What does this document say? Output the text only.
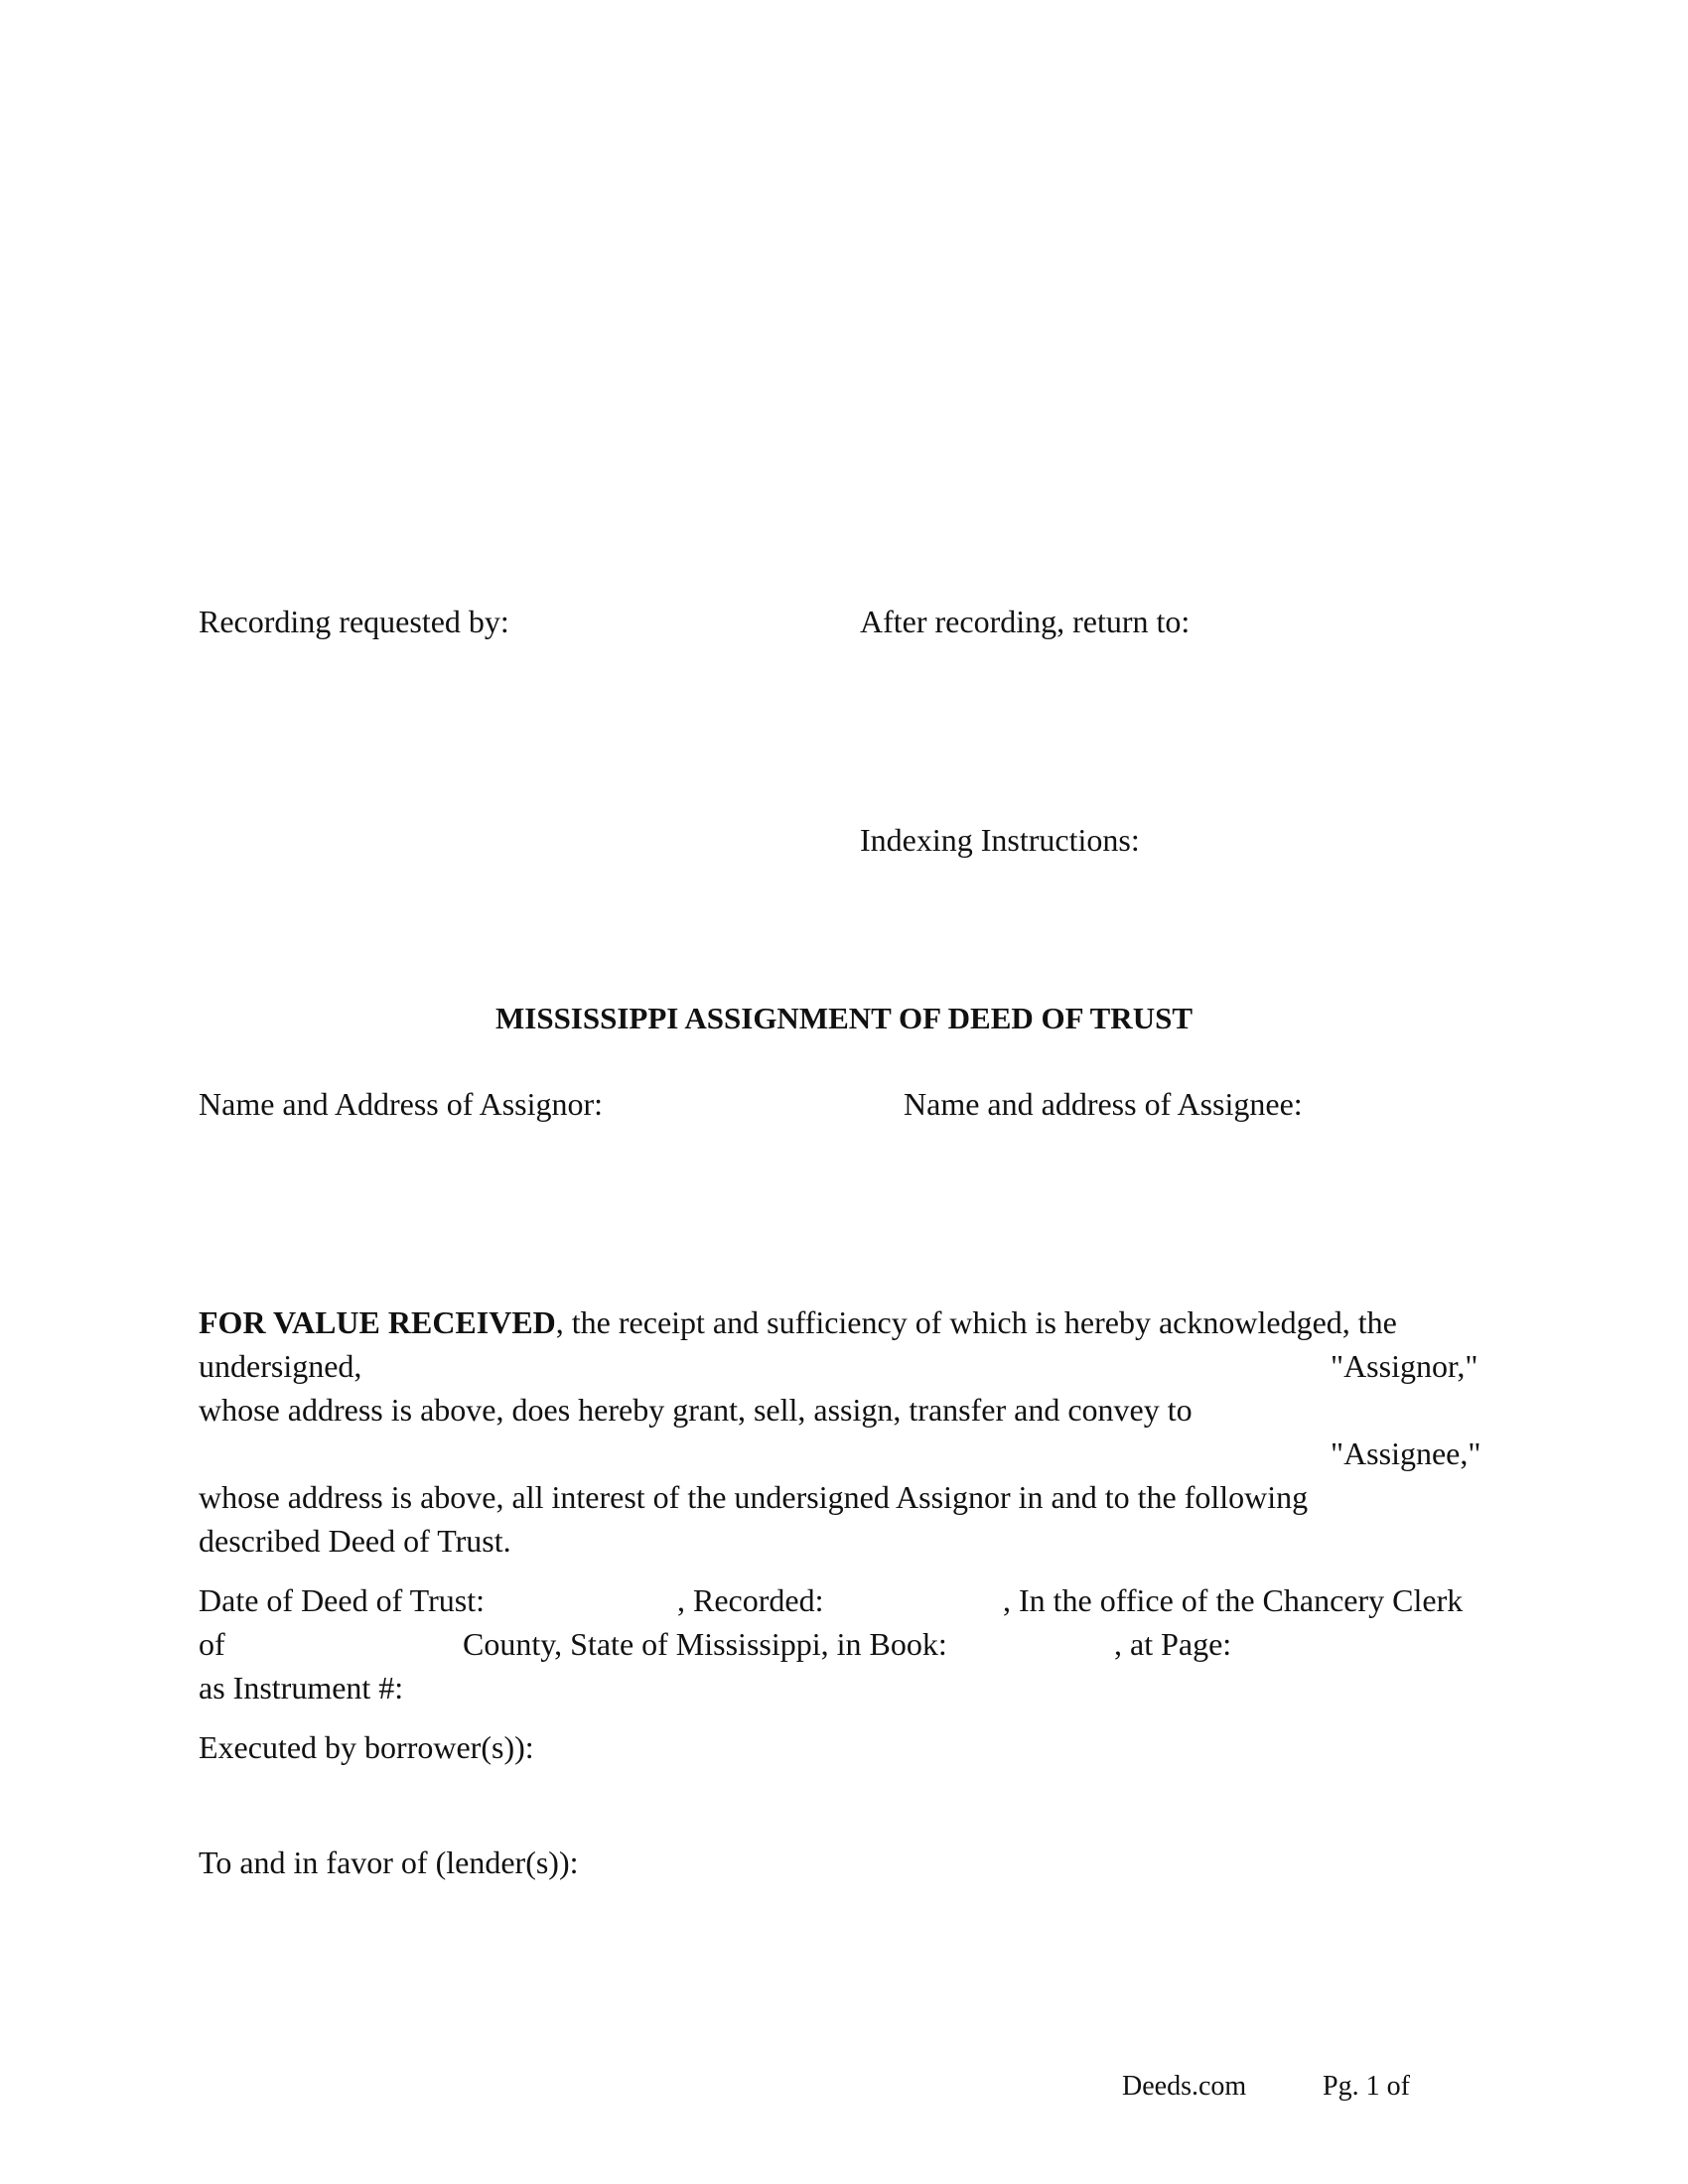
Recording requested by:	After recording, return to:
Indexing Instructions:
MISSISSIPPI ASSIGNMENT OF DEED OF TRUST
Name and Address of Assignor:	Name and address of Assignee:
FOR VALUE RECEIVED, the receipt and sufficiency of which is hereby acknowledged, the
undersigned,	"Assignor,"
whose address is above, does hereby grant, sell, assign, transfer and convey to
"Assignee,"
whose address is above, all interest of the undersigned Assignor in and to the following
described Deed of Trust.
Date of Deed of Trust:	, Recorded:	, In the office of the Chancery Clerk
of	County, State of Mississippi, in Book:	, at Page:
as Instrument #:
Executed by borrower(s)):
To and in favor of (lender(s)):
Deeds.com	Pg. 1 of
